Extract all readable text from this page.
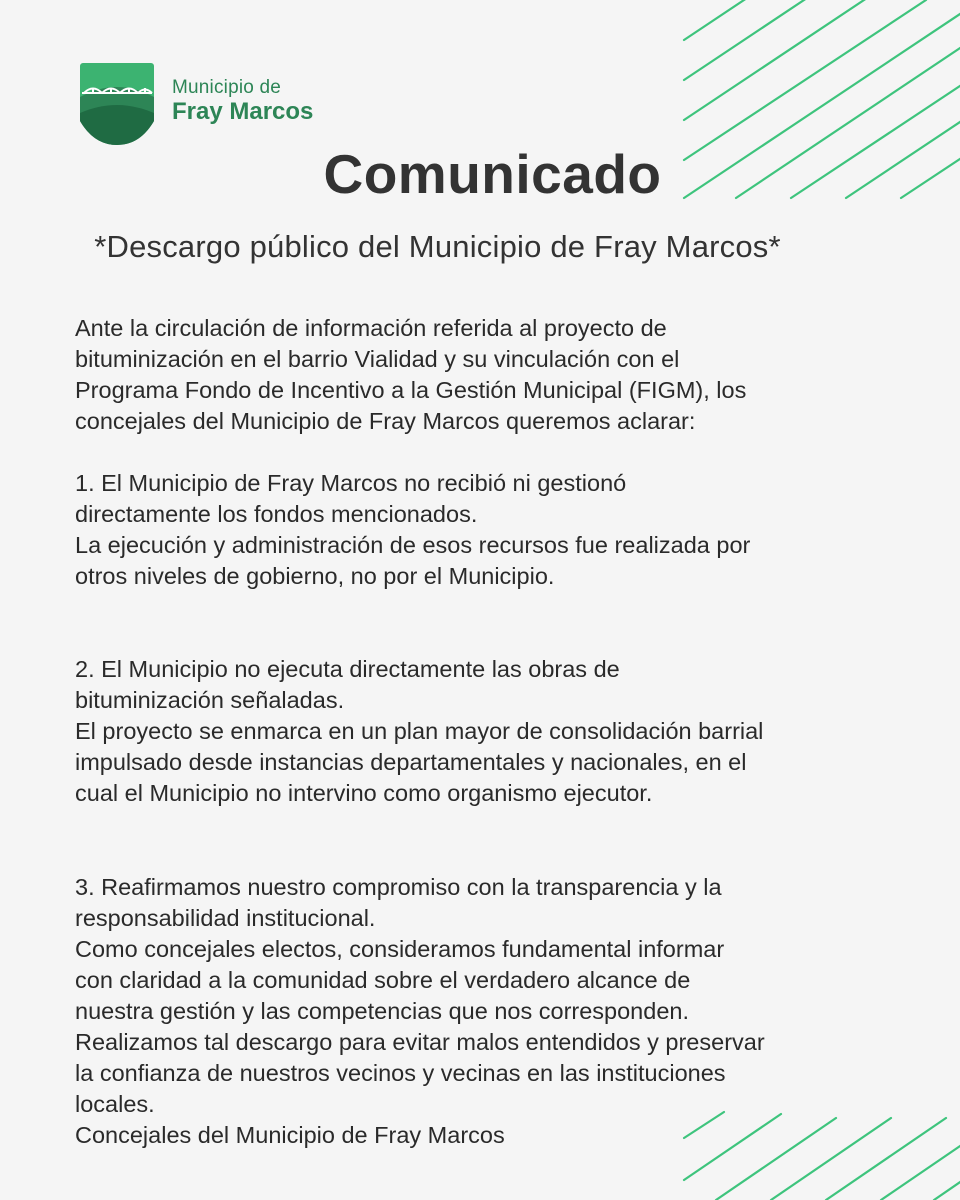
Municipio de
Fray Marcos
Comunicado

*Descargo público del Municipio de Fray Marcos*

Ante la circulación de información referida al proyecto de
bituminización en el barrio Vialidad y su vinculación con el
Programa Fondo de Incentivo a la Gestión Municipal (FIGM), los
concejales del Municipio de Fray Marcos queremos aclarar:

1. El Municipio de Fray Marcos no recibió ni gestionó
directamente los fondos mencionados.
La ejecución y administración de esos recursos fue realizada por
otros niveles de gobierno, no por el Municipio.

2. El Municipio no ejecuta directamente las obras de
bituminización señaladas.
El proyecto se enmarca en un plan mayor de consolidación barrial
impulsado desde instancias departamentales y nacionales, en el
cual el Municipio no intervino como organismo ejecutor.

3. Reafirmamos nuestro compromiso con la transparencia y la
responsabilidad institucional.
Como concejales electos, consideramos fundamental informar
con claridad a la comunidad sobre el verdadero alcance de
nuestra gestión y las competencias que nos corresponden.
Realizamos tal descargo para evitar malos entendidos y preservar
la confianza de nuestros vecinos y vecinas en las instituciones
locales.
Concejales del Municipio de Fray Marcos
